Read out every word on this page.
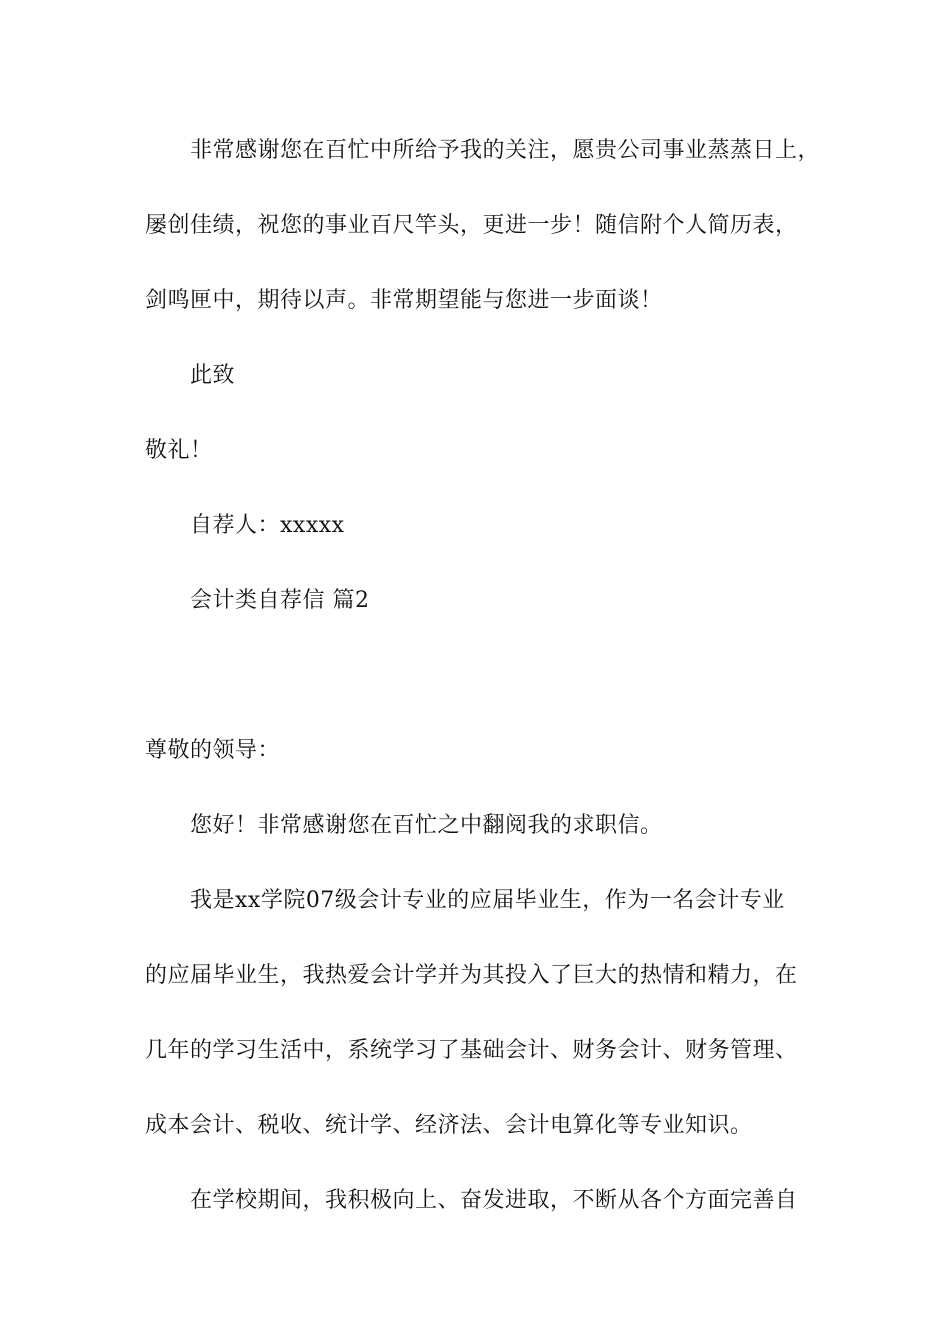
非常感谢您在百忙中所给予我的关注，愿贵公司事业蒸蒸日上，
屡创佳绩，祝您的事业百尺竿头，更进一步！随信附个人简历表，
剑鸣匣中，期待以声。非常期望能与您进一步面谈！
此致
敬礼！
自荐人：xxxxx
会计类自荐信 篇2
尊敬的领导：
您好！非常感谢您在百忙之中翻阅我的求职信。
我是xx学院07级会计专业的应届毕业生，作为一名会计专业
的应届毕业生，我热爱会计学并为其投入了巨大的热情和精力，在
几年的学习生活中，系统学习了基础会计、财务会计、财务管理、
成本会计、税收、统计学、经济法、会计电算化等专业知识。
在学校期间，我积极向上、奋发进取，不断从各个方面完善自
